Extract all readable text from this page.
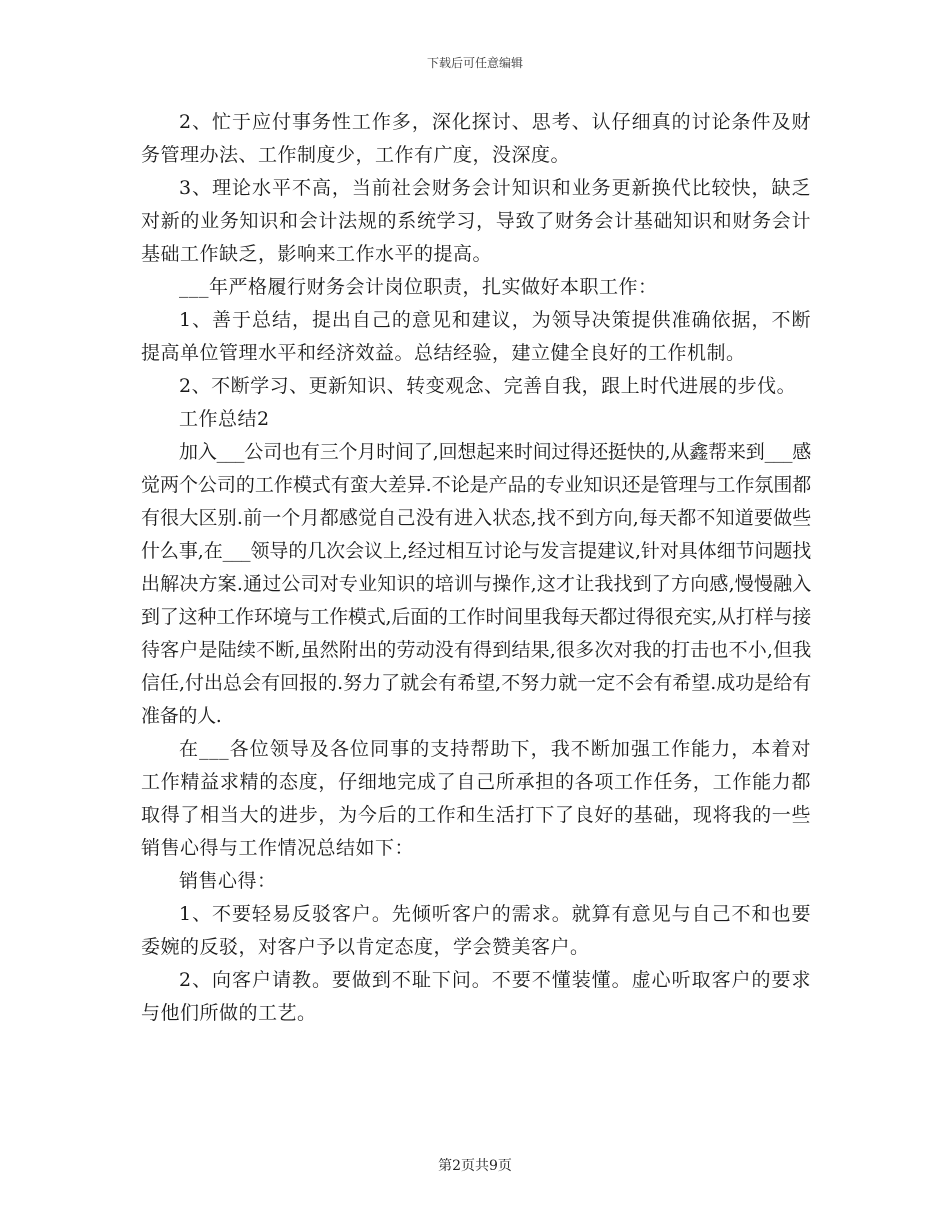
下载后可任意编辑

2、忙于应付事务性工作多，深化探讨、思考、认仔细真的讨论条件及财务管理办法、工作制度少，工作有广度，没深度。

3、理论水平不高，当前社会财务会计知识和业务更新换代比较快，缺乏对新的业务知识和会计法规的系统学习，导致了财务会计基础知识和财务会计基础工作缺乏，影响来工作水平的提高。

___年严格履行财务会计岗位职责，扎实做好本职工作：

1、善于总结，提出自己的意见和建议，为领导决策提供准确依据，不断提高单位管理水平和经济效益。总结经验，建立健全良好的工作机制。

2、不断学习、更新知识、转变观念、完善自我，跟上时代进展的步伐。

工作总结2

加入___公司也有三个月时间了,回想起来时间过得还挺快的,从鑫帮来到___感觉两个公司的工作模式有蛮大差异.不论是产品的专业知识还是管理与工作氛围都有很大区别.前一个月都感觉自己没有进入状态,找不到方向,每天都不知道要做些什么事,在___领导的几次会议上,经过相互讨论与发言提建议,针对具体细节问题找出解决方案.通过公司对专业知识的培训与操作,这才让我找到了方向感,慢慢融入到了这种工作环境与工作模式,后面的工作时间里我每天都过得很充实,从打样与接待客户是陆续不断,虽然附出的劳动没有得到结果,很多次对我的打击也不小,但我信任,付出总会有回报的.努力了就会有希望,不努力就一定不会有希望.成功是给有准备的人.

在___各位领导及各位同事的支持帮助下，我不断加强工作能力，本着对工作精益求精的态度，仔细地完成了自己所承担的各项工作任务，工作能力都取得了相当大的进步，为今后的工作和生活打下了良好的基础，现将我的一些销售心得与工作情况总结如下：

销售心得：

1、不要轻易反驳客户。先倾听客户的需求。就算有意见与自己不和也要委婉的反驳，对客户予以肯定态度，学会赞美客户。

2、向客户请教。要做到不耻下问。不要不懂装懂。虚心听取客户的要求与他们所做的工艺。

第2页共9页
